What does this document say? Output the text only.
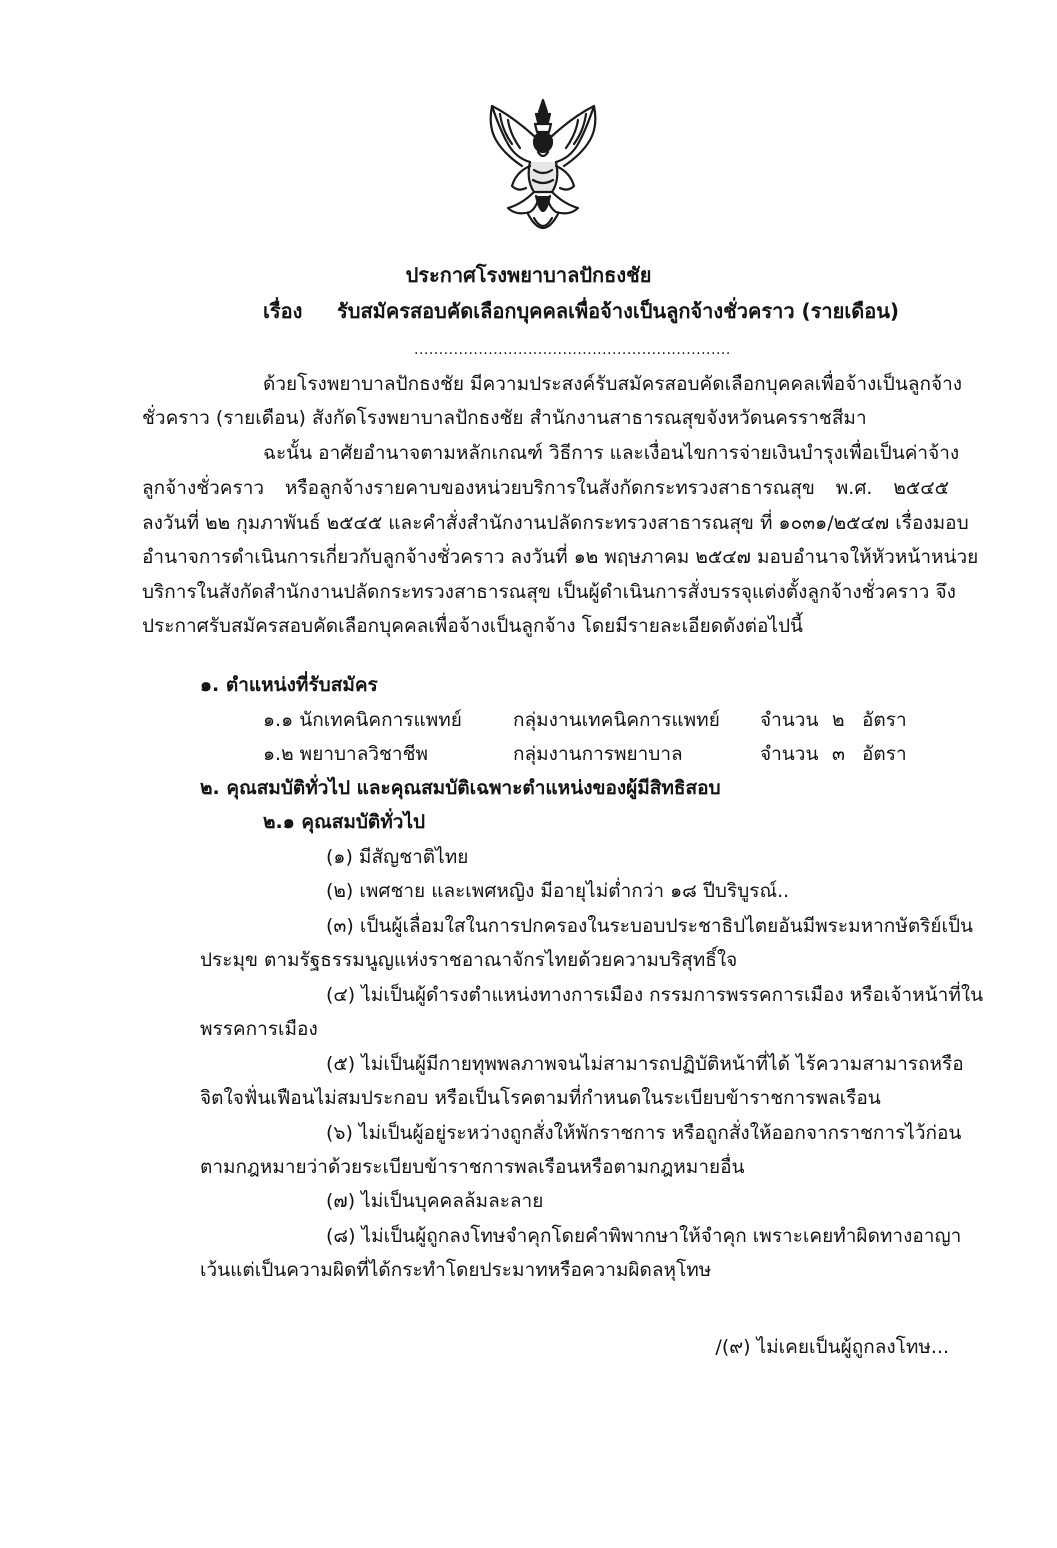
ประกาศโรงพยาบาลปักธงชัย
เรื่อง รับสมัครสอบคัดเลือกบุคคลเพื่อจ้างเป็นลูกจ้างชั่วคราว (รายเดือน)
................................................................
ด้วยโรงพยาบาลปักธงชัย มีความประสงค์รับสมัครสอบคัดเลือกบุคคลเพื่อจ้างเป็นลูกจ้าง
ชั่วคราว (รายเดือน) สังกัดโรงพยาบาลปักธงชัย สำนักงานสาธารณสุขจังหวัดนครราชสีมา
ฉะนั้น อาศัยอำนาจตามหลักเกณฑ์ วิธีการ และเงื่อนไขการจ่ายเงินบำรุงเพื่อเป็นค่าจ้าง
ลูกจ้างชั่วคราว หรือลูกจ้างรายคาบของหน่วยบริการในสังกัดกระทรวงสาธารณสุข พ.ศ. ๒๕๔๕
ลงวันที่ ๒๒ กุมภาพันธ์ ๒๕๔๕ และคำสั่งสำนักงานปลัดกระทรวงสาธารณสุข ที่ ๑๐๓๑/๒๕๔๗ เรื่องมอบ
อำนาจการดำเนินการเกี่ยวกับลูกจ้างชั่วคราว ลงวันที่ ๑๒ พฤษภาคม ๒๕๔๗ มอบอำนาจให้หัวหน้าหน่วย
บริการในสังกัดสำนักงานปลัดกระทรวงสาธารณสุข เป็นผู้ดำเนินการสั่งบรรจุแต่งตั้งลูกจ้างชั่วคราว จึง
ประกาศรับสมัครสอบคัดเลือกบุคคลเพื่อจ้างเป็นลูกจ้าง โดยมีรายละเอียดดังต่อไปนี้
๑. ตำแหน่งที่รับสมัคร
๑.๑ นักเทคนิคการแพทย์	กลุ่มงานเทคนิคการแพทย์ จำนวน ๒ อัตรา
๑.๒ พยาบาลวิชาชีพ	กลุ่มงานการพยาบาล	จำนวน ๓ อัตรา
๒. คุณสมบัติทั่วไป และคุณสมบัติเฉพาะตำแหน่งของผู้มีสิทธิสอบ
๒.๑ คุณสมบัติทั่วไป
(๑) มีสัญชาติไทย
(๒) เพศชาย และเพศหญิง มีอายุไม่ต่ำกว่า ๑๘ ปีบริบูรณ์..
(๓) เป็นผู้เลื่อมใสในการปกครองในระบอบประชาธิปไตยอันมีพระมหากษัตริย์เป็น
ประมุข ตามรัฐธรรมนูญแห่งราชอาณาจักรไทยด้วยความบริสุทธิ์ใจ
(๔) ไม่เป็นผู้ดำรงตำแหน่งทางการเมือง กรรมการพรรคการเมือง หรือเจ้าหน้าที่ใน
พรรคการเมือง
(๕) ไม่เป็นผู้มีกายทุพพลภาพจนไม่สามารถปฏิบัติหน้าที่ได้ ไร้ความสามารถหรือ
จิตใจฟั่นเฟือนไม่สมประกอบ หรือเป็นโรคตามที่กำหนดในระเบียบข้าราชการพลเรือน
(๖) ไม่เป็นผู้อยู่ระหว่างถูกสั่งให้พักราชการ หรือถูกสั่งให้ออกจากราชการไว้ก่อน
ตามกฎหมายว่าด้วยระเบียบข้าราชการพลเรือนหรือตามกฎหมายอื่น
(๗) ไม่เป็นบุคคลล้มละลาย
(๘) ไม่เป็นผู้ถูกลงโทษจำคุกโดยคำพิพากษาให้จำคุก เพราะเคยทำผิดทางอาญา
เว้นแต่เป็นความผิดที่ได้กระทำโดยประมาทหรือความผิดลหุโทษ
/(๙) ไม่เคยเป็นผู้ถูกลงโทษ...
